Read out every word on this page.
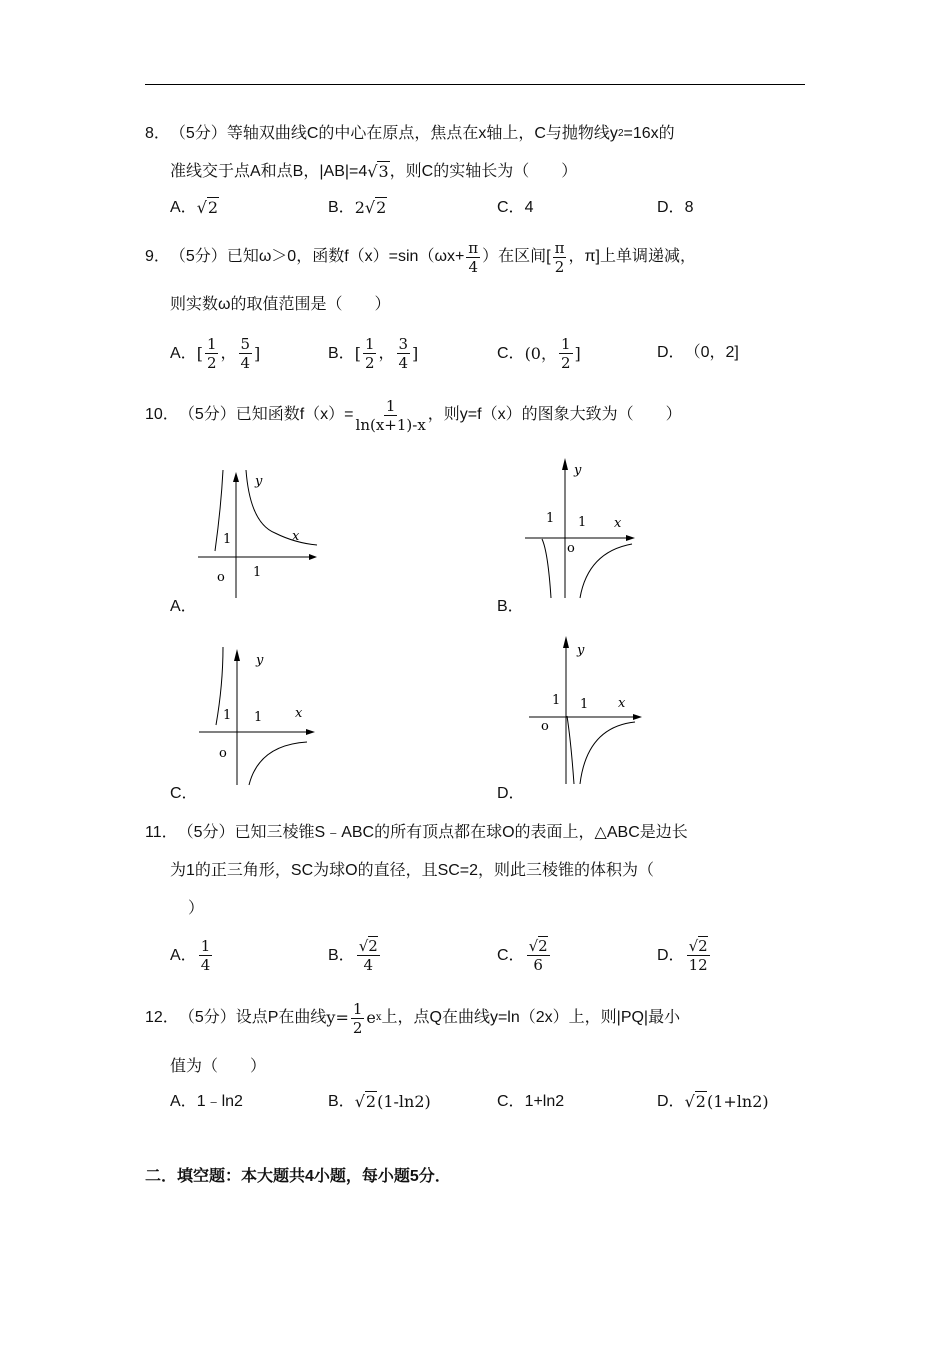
8． （5分） 等轴双曲线C的中心在原点，焦点在x轴上，C与抛物线y 2 =16x的
准线交于点A和点B， |AB|=4 √3 ，则C的实轴长为（　　）
A． √2	B． 2 √2	C． 4	D． 8
9． （5分） 已知ω＞0，函数$f(x)=\sin(\omega x+ \frac{\pi}{4}$ ）在区间[ $\frac{\pi}{2}$ ，π]上单调递减，
则实数ω的取值范围是（　　）
A． [ $\frac{1}{2}$ ， $\frac{5}{4}$ ]	B． [ $\frac{1}{2}$ ， $\frac{3}{4}$ ]	C． (0， $\frac{1}{2}$ ]	D． （0，2]
10． （5分） 已知函数$f(x)= \frac{1}{\ln(x+1)-x}$ ，则y=f（x）的图象大致为（　　）
y
x
1
1
o
A．
y
x
1 1
o
B．
y
x
1 1
o
C．
y
x
1 1
o
D．
11． （5分） 已知三棱锥S﹣ABC的所有顶点都在球O的表面上，△ABC是边长
为1的正三角形，SC为球O的直径，且SC=2，则此三棱锥的体积为（
）
A． $\frac{1}{4}$	B． $\frac{√2}{4}$	C． $\frac{√2}{6}$	D． $\frac{√2}{12}$
12． （5分） 设点P在曲线 $y= \frac{1}{2}$ e x 上，点Q在曲线y=ln（2x）上，则|PQ|最小
值为（　　）
A． 1﹣ln2	B． √2 (1-ln2)	C． 1+ln2	D． √2 (1+ln2)
二．填空题：本大题共4小题，每小题5分．
